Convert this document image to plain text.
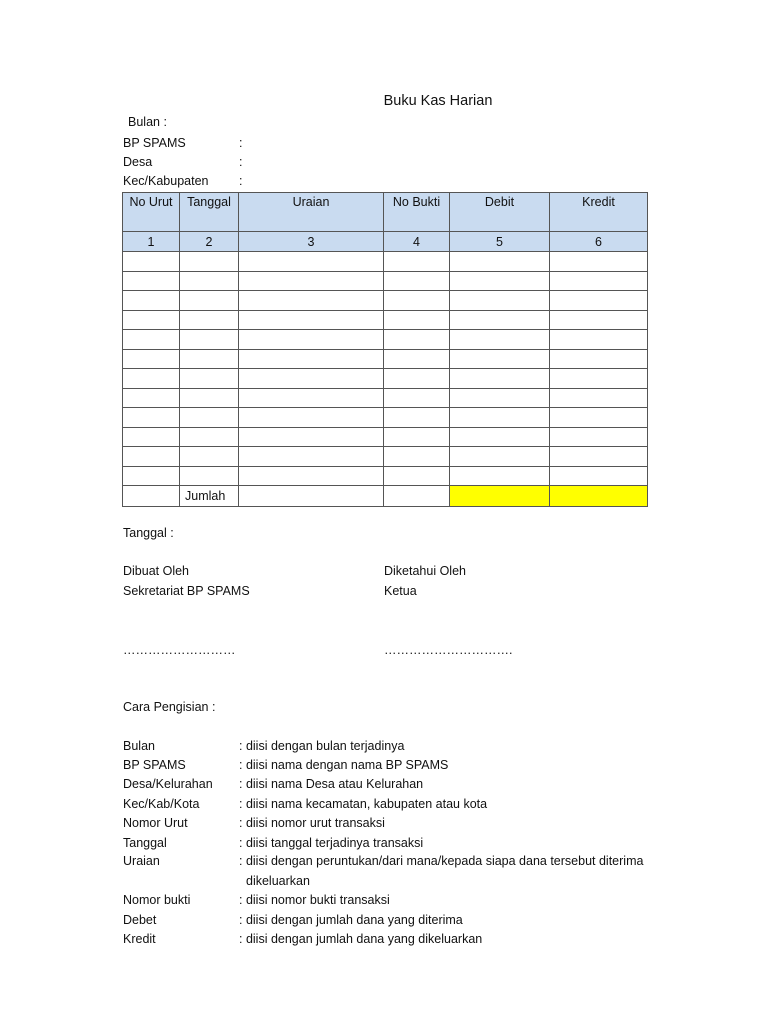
Buku Kas Harian
Bulan :
BP SPAMS	:
Desa	:
Kec/Kabupaten :
No Urut	Tanggal	Uraian	No Bukti	Debit	Kredit
1	2	3	4	5	6

	Jumlah				
Tanggal :
Dibuat Oleh
Sekretariat BP SPAMS
Diketahui Oleh
Ketua
………………………	………………………….
Cara Pengisian :
Bulan	: diisi dengan bulan terjadinya
BP SPAMS	: diisi nama dengan nama BP SPAMS
Desa/Kelurahan : diisi nama Desa atau Kelurahan
Kec/Kab/Kota	: diisi nama kecamatan, kabupaten atau kota
Nomor Urut	: diisi nomor urut transaksi
Tanggal	: diisi tanggal terjadinya transaksi
Uraian	: diisi dengan peruntukan/dari mana/kepada siapa dana tersebut diterima
dikeluarkan
Nomor bukti	: diisi nomor bukti transaksi
Debet	: diisi dengan jumlah dana yang diterima
Kredit	: diisi dengan jumlah dana yang dikeluarkan
